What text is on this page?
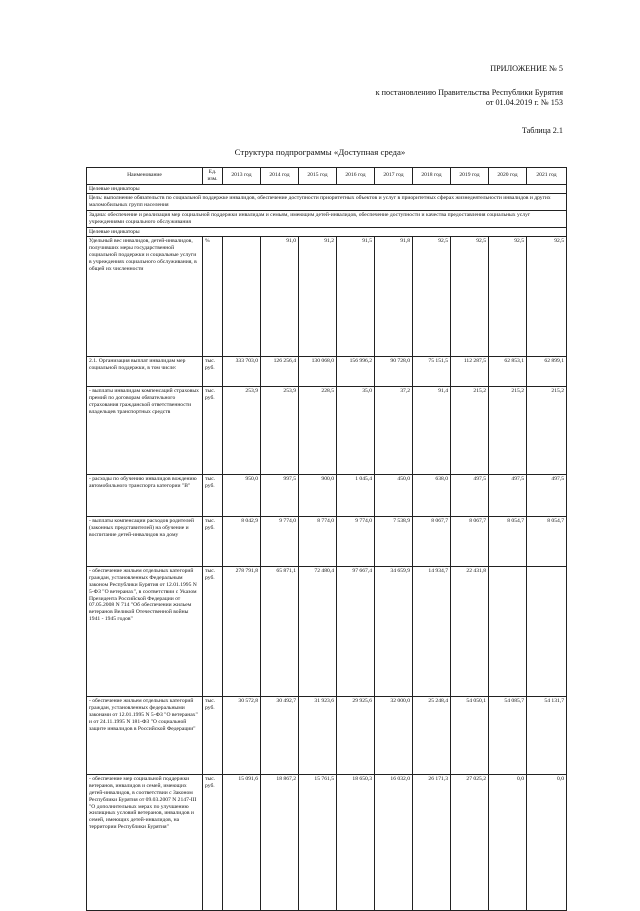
ПРИЛОЖЕНИЕ № 5
к постановлению Правительства Республики Бурятия
от 01.04.2019 г. № 153
Таблица 2.1
Структура подпрограммы «Доступная среда»
Наименование	Ед. изм.	2013 год	2014 год	2015 год	2016 год	2017 год	2018 год	2019 год	2020 год	2021 год
Целевые индикаторы										
Цель: выполнение обязательств по социальной поддержке инвалидов, обеспечение доступности приоритетных объектов и услуг в приоритетных сферах жизнедеятельности инвалидов и других маломобильных групп населения										
Задача: обеспечение и реализация мер социальной поддержки инвалидам и семьям, имеющим детей-инвалидов, обеспечение доступности и качества предоставления социальных услуг учреждениями социального обслуживания										
Целевые индикаторы										
Удельный вес инвалидов, детей-инвалидов, получивших меры государственной социальной поддержки и социальные услуги в учреждениях социального обслуживания, в общей их численности	%		91,0	91,2	91,5	91,8	92,5	92,5	92,5	92,5
2.1. Организация выплат инвалидам мер социальной поддержки, в том числе:	тыс. руб.	333 703,0	126 256,4	130 068,0	156 996,2	90 728,0	75 151,5	112 287,5	62 853,1	62 899,1
- выплаты инвалидам компенсаций страховых премий по договорам обязательного страхования гражданской ответственности владельцев транспортных средств	тыс. руб.	253,9	253,9	228,5	35,0	37,2	91,4	215,2	215,2	215,2
- расходы по обучению инвалидов вождению автомобильного транспорта категории "В"	тыс. руб.	950,0	997,5	900,0	1 045,4	450,0	638,0	497,5	497,5	497,5
- выплаты компенсации расходов родителей (законных представителей) на обучение и воспитание детей-инвалидов на дому	тыс. руб.	8 042,9	9 774,0	8 774,0	9 774,0	7 538,9	8 067,7	8 067,7	8 054,7	8 054,7
- обеспечение жильем отдельных категорий граждан, установленных Федеральным законом Республики Бурятия от 12.01.1995 N 5-ФЗ "О ветеранах", в соответствии с Указом Президента Российской Федерации от 07.05.2008 N 714 "Об обеспечении жильем ветеранов Великой Отечественной войны 1941 - 1945 годов"	тыс. руб.	278 791,8	65 871,1	72 480,4	97 667,4	34 659,9	14 934,7	22 431,8		
- обеспечение жильем отдельных категорий граждан, установленных федеральными законами от 12.01.1995 N 5-ФЗ "О ветеранах" и от 24.11.1995 N 181-ФЗ "О социальной защите инвалидов в Российской Федерации"	тыс. руб.	30 572,8	30 492,7	31 923,6	29 925,6	32 000,0	25 248,4	54 050,1	54 085,7	54 131,7
- обеспечение мер социальной поддержки ветеранов, инвалидов и семей, имеющих детей-инвалидов, в соответствии с Законом Республики Бурятия от 09.03.2007 N 2147-III "О дополнительных мерах по улучшению жилищных условий ветеранов, инвалидов и семей, имеющих детей-инвалидов, на территории Республики Бурятия"	тыс. руб.	15 091,6	18 867,2	15 761,5	18 650,3	16 032,0	26 171,3	27 025,2	0,0	0,0
